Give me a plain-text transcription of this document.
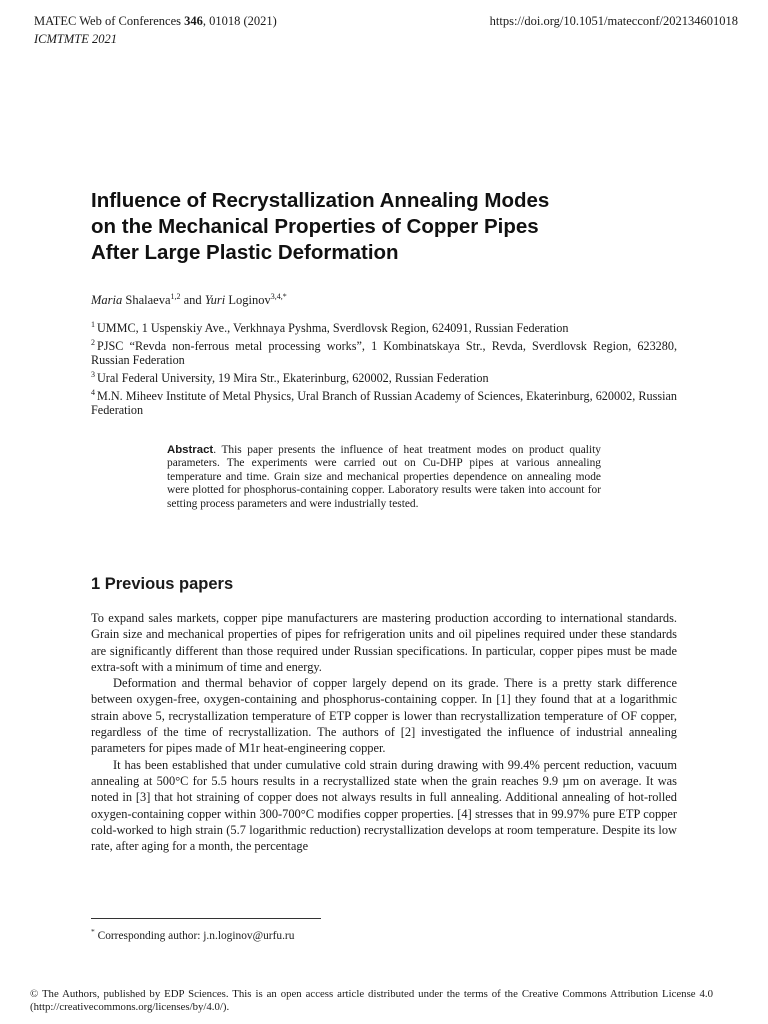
MATEC Web of Conferences 346, 01018 (2021)
ICMTMTE 2021
https://doi.org/10.1051/matecconf/202134601018
Influence of Recrystallization Annealing Modes
on the Mechanical Properties of Copper Pipes
After Large Plastic Deformation
Maria Shalaeva$^{1,2}$ and Yuri Loginov$^{3,4,*}$
$^1$ UMMC, 1 Uspenskiy Ave., Verkhnaya Pyshma, Sverdlovsk Region, 624091, Russian Federation
$^2$ PJSC “Revda non-ferrous metal processing works”, 1 Kombinatskaya Str., Revda, Sverdlovsk Region, 623280, Russian Federation
$^3$ Ural Federal University, 19 Mira Str., Ekaterinburg, 620002, Russian Federation
$^4$ M.N. Miheev Institute of Metal Physics, Ural Branch of Russian Academy of Sciences, Ekaterinburg, 620002, Russian Federation
Abstract. This paper presents the influence of heat treatment modes on product quality parameters. The experiments were carried out on Cu-DHP pipes at various annealing temperature and time. Grain size and mechanical properties dependence on annealing mode were plotted for phosphorus-containing copper. Laboratory results were taken into account for setting process parameters and were industrially tested.
1 Previous papers

To expand sales markets, copper pipe manufacturers are mastering production according to international standards. Grain size and mechanical properties of pipes for refrigeration units and oil pipelines required under these standards are significantly different than those required under Russian specifications. In particular, copper pipes must be made extra-soft with a minimum of time and energy.

Deformation and thermal behavior of copper largely depend on its grade. There is a pretty stark difference between oxygen-free, oxygen-containing and phosphorus-containing copper. In [1] they found that at a logarithmic strain above 5, recrystallization temperature of ETP copper is lower than recrystallization temperature of OF copper, regardless of the time of recrystallization. The authors of [2] investigated the influence of industrial annealing parameters for pipes made of M1r heat-engineering copper.

It has been established that under cumulative cold strain during drawing with 99.4% percent reduction, vacuum annealing at 500°C for 5.5 hours results in a recrystallized state when the grain reaches 9.9 µm on average. It was noted in [3] that hot straining of copper does not always results in full annealing. Additional annealing of hot-rolled oxygen-containing copper within 300-700°C modifies copper properties. [4] stresses that in 99.97% pure ETP copper cold-worked to high strain (5.7 logarithmic reduction) recrystallization develops at room temperature. Despite its low rate, after aging for a month, the percentage

* Corresponding author: j.n.loginov@urfu.ru
© The Authors, published by EDP Sciences. This is an open access article distributed under the terms of the Creative Commons Attribution License 4.0 (http://creativecommons.org/licenses/by/4.0/).
